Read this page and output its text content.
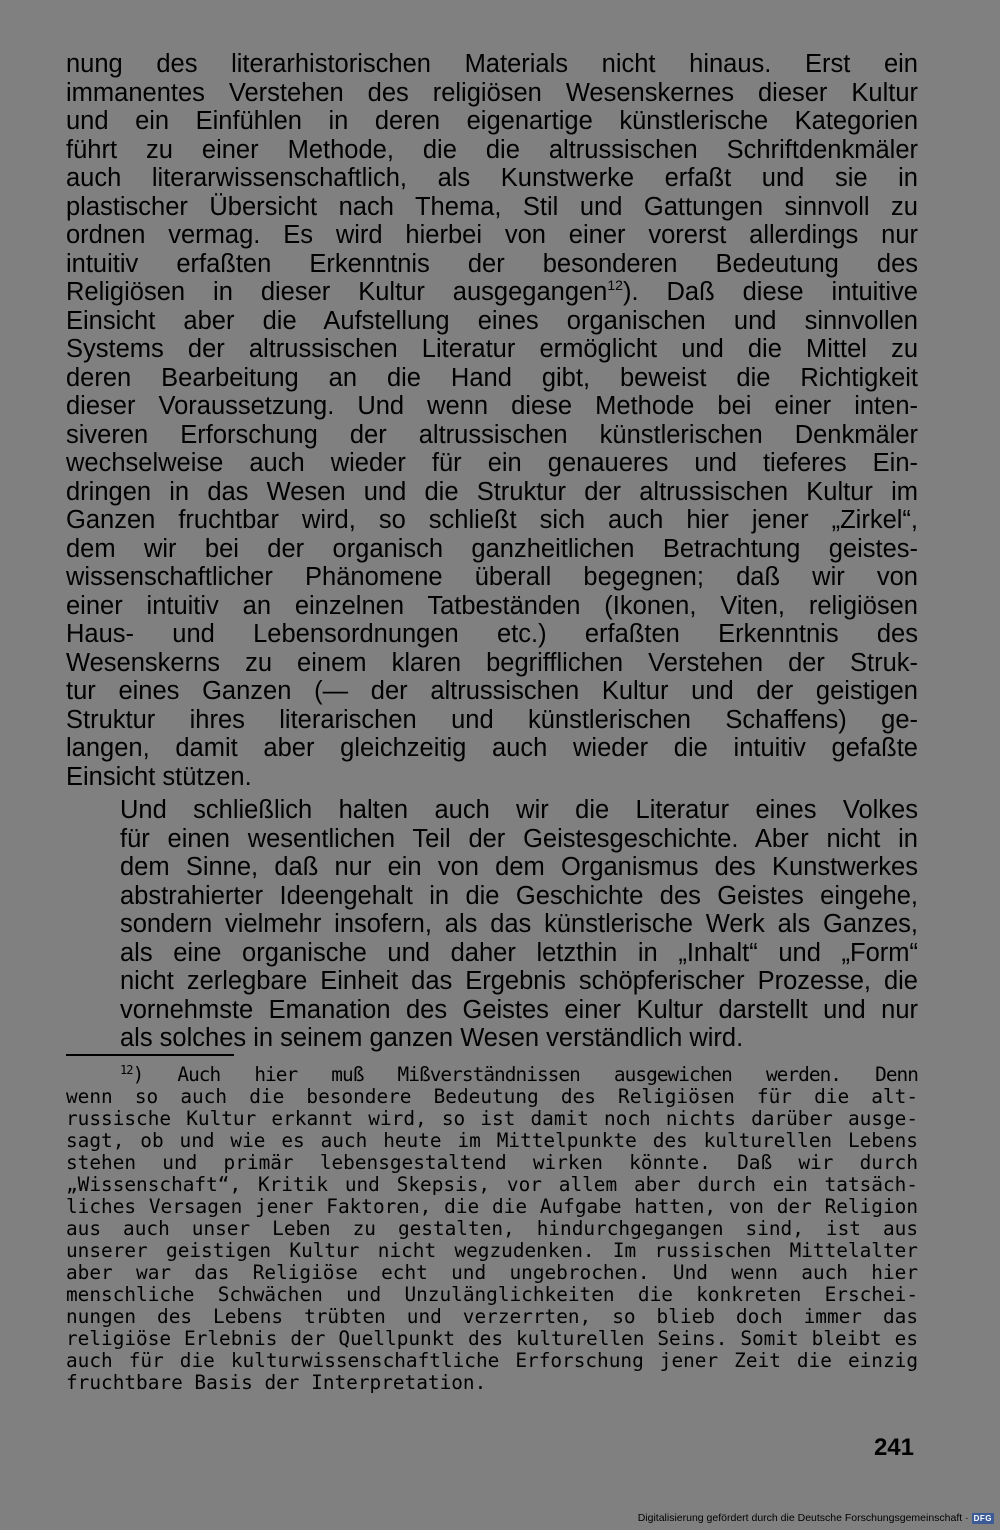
nung des literarhistorischen Materials nicht hinaus. Erst ein
immanentes Verstehen des religiösen Wesenskernes dieser Kultur
und ein Einfühlen in deren eigenartige künstlerische Kategorien
führt zu einer Methode, die die altrussischen Schriftdenkmäler
auch literarwissenschaftlich, als Kunstwerke erfaßt und sie in
plastischer Übersicht nach Thema, Stil und Gattungen sinnvoll zu
ordnen vermag. Es wird hierbei von einer vorerst allerdings nur
intuitiv erfaßten Erkenntnis der besonderen Bedeutung des
Religiösen in dieser Kultur ausgegangen$^{12}$). Daß diese intuitive
Einsicht aber die Aufstellung eines organischen und sinnvollen
Systems der altrussischen Literatur ermöglicht und die Mittel zu
deren Bearbeitung an die Hand gibt, beweist die Richtigkeit
dieser Voraussetzung. Und wenn diese Methode bei einer inten-
siveren Erforschung der altrussischen künstlerischen Denkmäler
wechselweise auch wieder für ein genaueres und tieferes Ein-
dringen in das Wesen und die Struktur der altrussischen Kultur im
Ganzen fruchtbar wird, so schließt sich auch hier jener „Zirkel“,
dem wir bei der organisch ganzheitlichen Betrachtung geistes-
wissenschaftlicher Phänomene überall begegnen; daß wir von
einer intuitiv an einzelnen Tatbeständen (Ikonen, Viten, religiösen
Haus- und Lebensordnungen etc.) erfaßten Erkenntnis des
Wesenskerns zu einem klaren begrifflichen Verstehen der Struk-
tur eines Ganzen (— der altrussischen Kultur und der geistigen
Struktur ihres literarischen und künstlerischen Schaffens) ge-
langen, damit aber gleichzeitig auch wieder die intuitiv gefaßte
Einsicht stützen.
Und schließlich halten auch wir die Literatur eines Volkes
für einen wesentlichen Teil der Geistesgeschichte. Aber nicht in
dem Sinne, daß nur ein von dem Organismus des Kunstwerkes
abstrahierter Ideengehalt in die Geschichte des Geistes eingehe,
sondern vielmehr insofern, als das künstlerische Werk als Ganzes,
als eine organische und daher letzthin in „Inhalt“ und „Form“
nicht zerlegbare Einheit das Ergebnis schöpferischer Prozesse, die
vornehmste Emanation des Geistes einer Kultur darstellt und nur
als solches in seinem ganzen Wesen verständlich wird.
$^{12}$) Auch hier muß Mißverständnissen ausgewichen werden. Denn
wenn so auch die besondere Bedeutung des Religiösen für die alt-
russische Kultur erkannt wird, so ist damit noch nichts darüber ausge-
sagt, ob und wie es auch heute im Mittelpunkte des kulturellen Lebens
stehen und primär lebensgestaltend wirken könnte. Daß wir durch
„Wissenschaft“, Kritik und Skepsis, vor allem aber durch ein tatsäch-
liches Versagen jener Faktoren, die die Aufgabe hatten, von der Religion
aus auch unser Leben zu gestalten, hindurchgegangen sind, ist aus
unserer geistigen Kultur nicht wegzudenken. Im russischen Mittelalter
aber war das Religiöse echt und ungebrochen. Und wenn auch hier
menschliche Schwächen und Unzulänglichkeiten die konkreten Erschei-
nungen des Lebens trübten und verzerrten, so blieb doch immer das
religiöse Erlebnis der Quellpunkt des kulturellen Seins. Somit bleibt es
auch für die kulturwissenschaftliche Erforschung jener Zeit die einzig
fruchtbare Basis der Interpretation.
241
Digitalisierung gefördert durch die Deutsche Forschungsgemeinschaft · DFG
